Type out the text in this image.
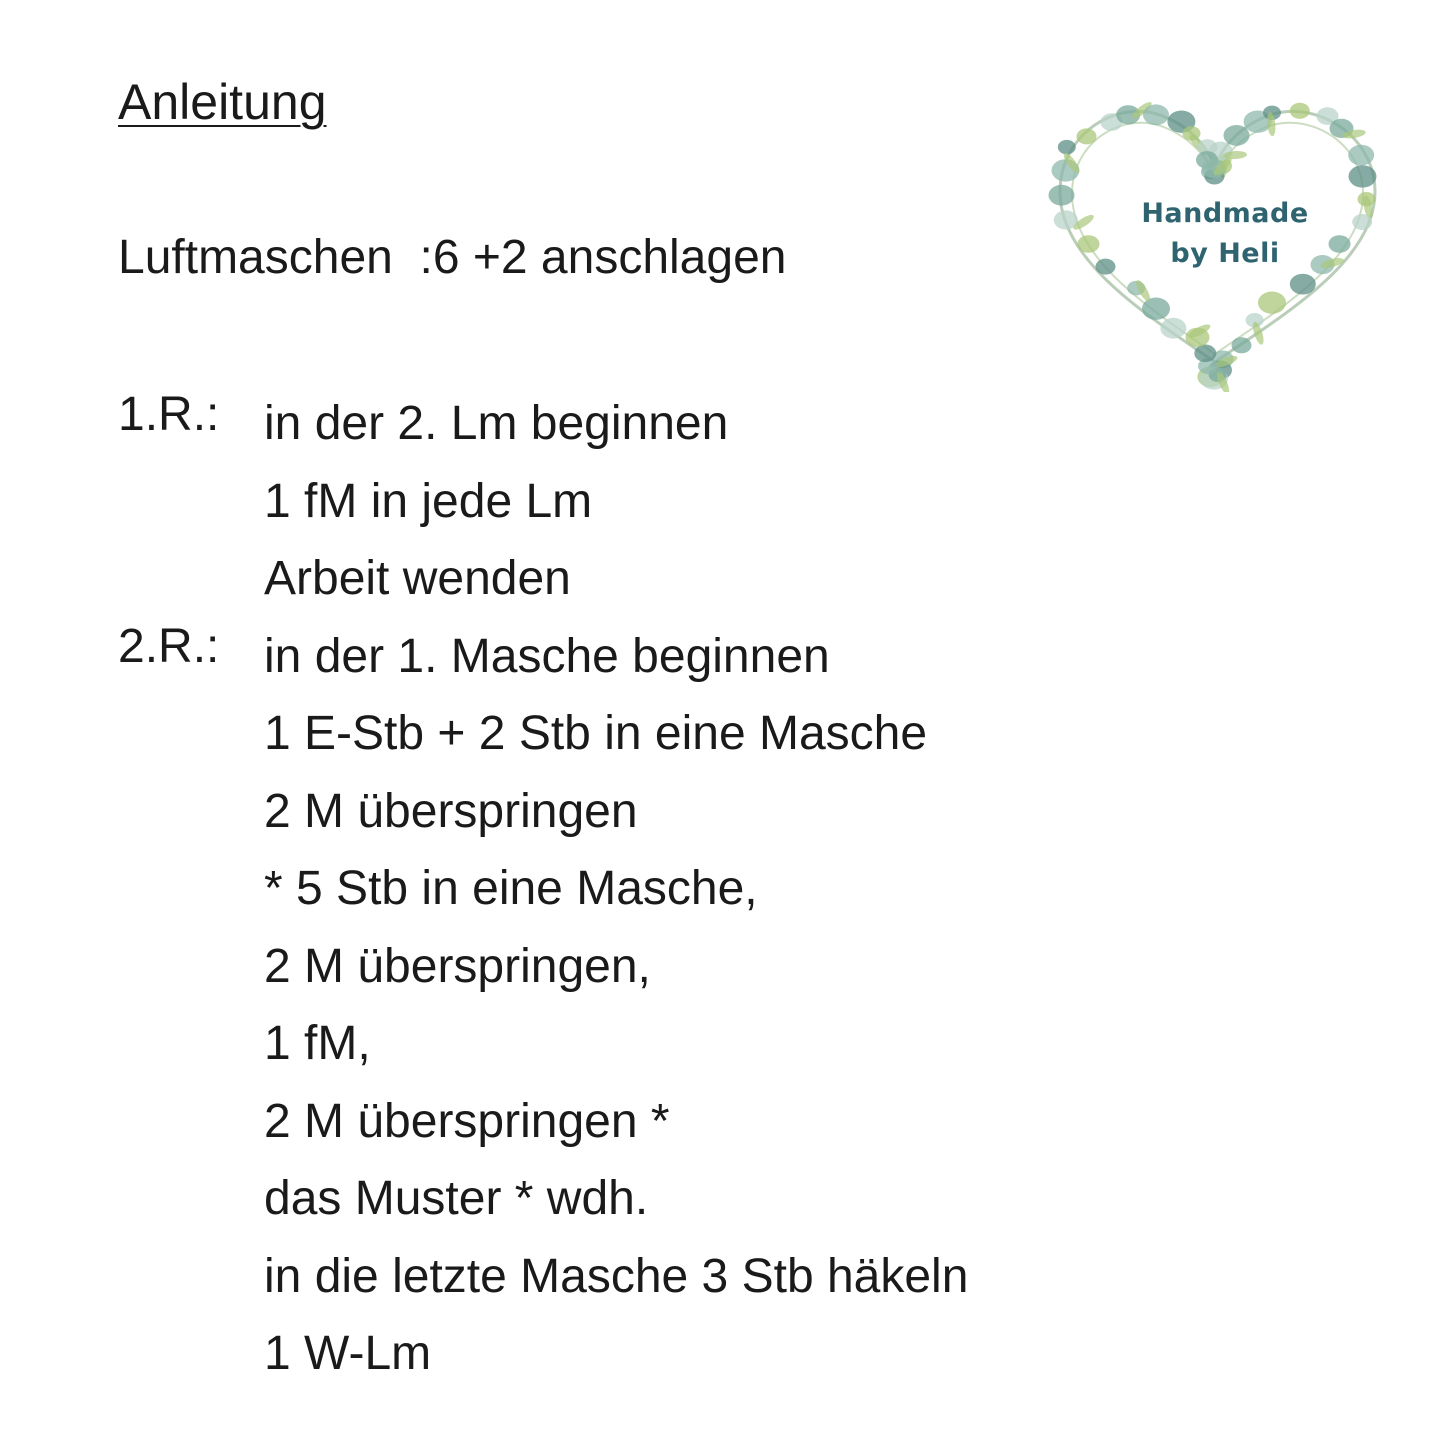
Anleitung
Luftmaschen  :6 +2 anschlagen
1.R.:
2.R.:
in der 2. Lm beginnen
1 fM in jede Lm
Arbeit wenden
in der 1. Masche beginnen
1 E-Stb + 2 Stb in eine Masche
2 M überspringen
* 5 Stb in eine Masche,
2 M überspringen,
1 fM,
2 M überspringen *
das Muster * wdh.
in die letzte Masche 3 Stb häkeln
1 W-Lm
Handmade
by Heli
